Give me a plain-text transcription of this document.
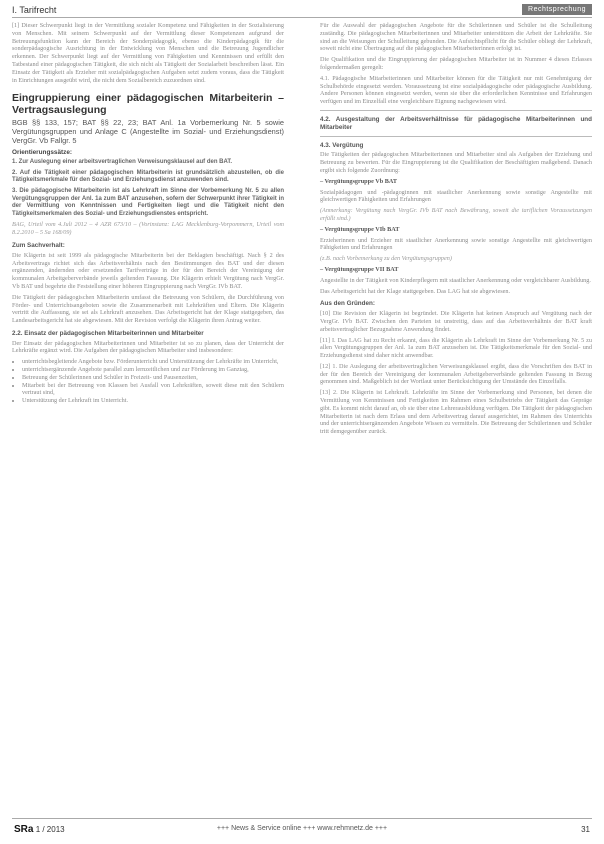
I. Tarifrecht	Rechtsprechung

[1] Dieser Schwerpunkt liegt in der Vermittlung sozialer Kompetenz und Fähigkeiten in der Sozialisierung von Menschen. Mit seinem Schwerpunkt auf der Vermittlung dieser Kompetenzen aufgrund der Betreuungsfunktion kann der Bereich der Sonderpädagogik, ebenso die Kinderpädagogik für die sonderpädagogische Ausrichtung in der Entwicklung von Menschen und die Betreuung Jugendlicher erkennen. Der Schwerpunkt liegt auf der Vermittlung von Fähigkeiten und Kenntnissen und erfüllt den Tatbestand einer pädagogischen Tätigkeit, die sich nicht als Tätigkeit der Sozialarbeit beschreiben lässt. Ein Einsatz der Tätigkeit als Erzieher mit sozialpädagogischen Aufgaben setzt zudem voraus, dass die Tätigkeit in Einrichtungen ausgeübt wird, die nicht dem Sozialbereich zuzuordnen sind.

Eingruppierung einer pädagogischen Mitarbeiterin – Vertragsauslegung
BGB §§ 133, 157; BAT §§ 22, 23; BAT Anl. 1a Vorbemerkung Nr. 5 sowie Vergütungsgruppen und Anlage C (Angestellte im Sozial- und Erziehungsdienst) VergGr. Vb Fallgr. 5
Orientierungssätze:

1. Zur Auslegung einer arbeitsvertraglichen Verweisungsklausel auf den BAT.

2. Auf die Tätigkeit einer pädagogischen Mitarbeiterin ist grundsätzlich abzustellen, ob die Tätigkeitsmerkmale für den Sozial- und Erziehungsdienst anzuwenden sind.

3. Die pädagogische Mitarbeiterin ist als Lehrkraft im Sinne der Vorbemerkung Nr. 5 zu allen Vergütungsgruppen der Anl. 1a zum BAT anzusehen, sofern der Schwerpunkt ihrer Tätigkeit in der Vermittlung von Kenntnissen und Fertigkeiten liegt und die Tätigkeit nicht den Tätigkeitsmerkmalen des Sozial- und Erziehungsdienstes entspricht.

BAG, Urteil vom 4.Juli 2012 – 4 AZR 673/10 – (Vorinstanz: LAG Mecklenburg-Vorpommern, Urteil vom 8.2.2010 – 5 Sa 168/09)

Zum Sachverhalt:

Die Klägerin ist seit 1999 als pädagogische Mitarbeiterin bei der Beklagten beschäftigt. Nach § 2 des Arbeitsvertrags richtet sich das Arbeitsverhältnis nach den Bestimmungen des BAT und der diesen ergänzenden, ändernden oder ersetzenden Tarifverträge in der für den Bereich der Vereinigung der kommunalen Arbeitgeberverbände jeweils geltenden Fassung. Die Klägerin erhielt Vergütung nach VergGr. Vb BAT und begehrte die Feststellung einer höheren Eingruppierung nach VergGr. IVb BAT.

Die Tätigkeit der pädagogischen Mitarbeiterin umfasst die Betreuung von Schülern, die Durchführung von Förder- und Unterrichtsangeboten sowie die Zusammenarbeit mit Lehrkräften und Eltern. Die Klägerin vertritt die Auffassung, sie sei als Lehrkraft anzusehen. Das Arbeitsgericht hat der Klage stattgegeben, das Landesarbeitsgericht hat sie abgewiesen. Mit der Revision verfolgt die Klägerin ihren Antrag weiter.

2.2. Einsatz der pädagogischen Mitarbeiterinnen und Mitarbeiter

Der Einsatz der pädagogischen Mitarbeiterinnen und Mitarbeiter ist so zu planen, dass der Unterricht der Lehrkräfte ergänzt wird. Die Aufgaben der pädagogischen Mitarbeiter sind insbesondere:

• unterrichtsbegleitende Angebote bzw. Förderunterricht und Unterstützung der Lehrkräfte im Unterricht,
• unterrichtsergänzende Angebote parallel zum lernzeitlichen und zur Förderung im Ganztag,
• Betreuung der Schülerinnen und Schüler in Freizeit- und Pausenzeiten,
• Mitarbeit bei der Betreuung von Klassen bei Ausfall von Lehrkräften, soweit diese mit den Schülern vertraut sind,
• Unterstützung der Lehrkraft im Unterricht.

Für die Auswahl der pädagogischen Angebote für die Schülerinnen und Schüler ist die Schulleitung zuständig. Die pädagogischen Mitarbeiterinnen und Mitarbeiter unterstützen die Arbeit der Lehrkräfte. Sie sind an die Weisungen der Schulleitung gebunden. Die Aufsichtspflicht für die Schüler obliegt der Lehrkraft, soweit nicht eine Übertragung auf die pädagogischen Mitarbeiterinnen erfolgt ist.

Die Qualifikation und die Eingruppierung der pädagogischen Mitarbeiter ist in Nummer 4 dieses Erlasses folgendermaßen geregelt:

4.1. Pädagogische Mitarbeiterinnen und Mitarbeiter können für die Tätigkeit nur mit Genehmigung der Schulbehörde eingesetzt werden. Voraussetzung ist eine sozialpädagogische oder pädagogische Ausbildung. Andere Personen können eingesetzt werden, wenn sie über die erforderlichen Kenntnisse und Erfahrungen verfügen und im Einzelfall eine vergleichbare Eignung nachgewiesen wird.

4.2. Ausgestaltung der Arbeitsverhältnisse für pädagogische Mitarbeiterinnen und Mitarbeiter
4.3. Vergütung

Die Tätigkeiten der pädagogischen Mitarbeiterinnen und Mitarbeiter sind als Aufgaben der Erziehung und Betreuung zu bewerten. Für die Eingruppierung ist die Qualifikation der Beschäftigten maßgebend. Danach ergibt sich folgende Zuordnung:

– Vergütungsgruppe Vb BAT

Sozialpädagogen und -pädagoginnen mit staatlicher Anerkennung sowie sonstige Angestellte mit gleichwertigen Fähigkeiten und Erfahrungen

(Anmerkung: Vergütung nach VergGr. IVb BAT nach Bewährung, soweit die tariflichen Voraussetzungen erfüllt sind.)

– Vergütungsgruppe VIb BAT

Erzieherinnen und Erzieher mit staatlicher Anerkennung sowie sonstige Angestellte mit gleichwertigen Fähigkeiten und Erfahrungen

(z.B. nach Vorbemerkung zu den Vergütungsgruppen)

– Vergütungsgruppe VII BAT

Angestellte in der Tätigkeit von Kinderpflegern mit staatlicher Anerkennung oder vergleichbarer Ausbildung.

Das Arbeitsgericht hat der Klage stattgegeben. Das LAG hat sie abgewiesen.

Aus den Gründen:

[10] Die Revision der Klägerin ist begründet. Die Klägerin hat keinen Anspruch auf Vergütung nach der VergGr. IVb BAT. Zwischen den Parteien ist unstreitig, dass auf das Arbeitsverhältnis der BAT kraft arbeitsvertraglicher Bezugnahme Anwendung findet.

[11] I. Das LAG hat zu Recht erkannt, dass die Klägerin als Lehrkraft im Sinne der Vorbemerkung Nr. 5 zu allen Vergütungsgruppen der Anl. 1a zum BAT anzusehen ist. Die Tätigkeitsmerkmale für den Sozial- und Erziehungsdienst sind daher nicht anwendbar.

[12] 1. Die Auslegung der arbeitsvertraglichen Verweisungsklausel ergibt, dass die Vorschriften des BAT in der für den Bereich der Vereinigung der kommunalen Arbeitgeberverbände geltenden Fassung in Bezug genommen sind. Maßgeblich ist der Wortlaut unter Berücksichtigung der Umstände des Einzelfalls.

[13] 2. Die Klägerin ist Lehrkraft. Lehrkräfte im Sinne der Vorbemerkung sind Personen, bei denen die Vermittlung von Kenntnissen und Fertigkeiten im Rahmen eines Schulbetriebs der Tätigkeit das Gepräge gibt. Es kommt nicht darauf an, ob sie über eine Lehrerausbildung verfügen. Die Tätigkeit der pädagogischen Mitarbeiterin ist nach dem Erlass und dem Arbeitsvertrag darauf ausgerichtet, im Rahmen des Unterrichts und der unterrichtsergänzenden Angebote Wissen zu vermitteln. Die Betreuung der Schülerinnen und Schüler tritt demgegenüber zurück.

SRa 1 / 2013	+++ News & Service online +++ www.rehmnetz.de +++	31
